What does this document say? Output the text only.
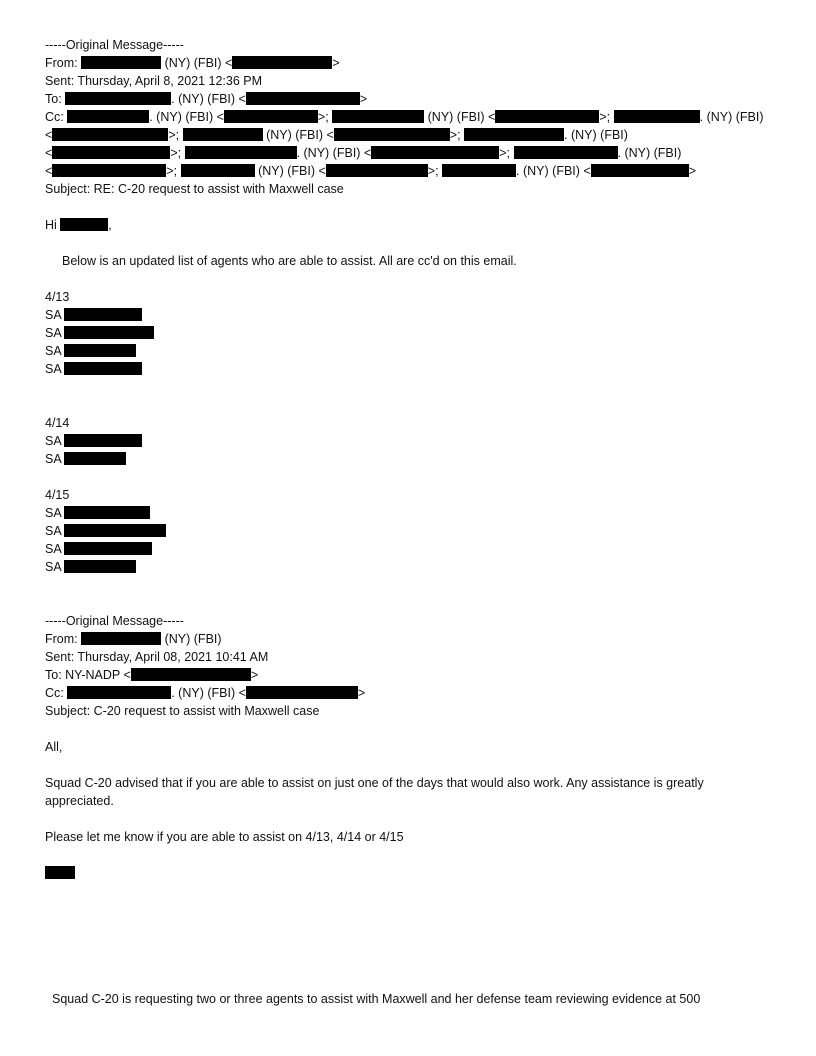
-----Original Message-----
From:	(NY) (FBI) <	>
Sent: Thursday, April 8, 2021 12:36 PM
To:	. (NY) (FBI) <	>
Cc:	. (NY) (FBI) <	>;	(NY) (FBI) <	>;	. (NY) (FBI)
<	>;	(NY) (FBI) <	>;	. (NY) (FBI)
<	>;	. (NY) (FBI) <	>;	. (NY) (FBI)
<	>;	(NY) (FBI) <	>;	. (NY) (FBI) <	>
Subject: RE: C-20 request to assist with Maxwell case
Hi	,
Below is an updated list of agents who are able to assist. All are cc'd on this email.
4/13
SA
SA
SA
SA
4/14
SA
SA
4/15
SA
SA
SA
SA
-----Original Message-----
From:	(NY) (FBI)
Sent: Thursday, April 08, 2021 10:41 AM
To: NY-NADP <	>
Cc:	. (NY) (FBI) <	>
Subject: C-20 request to assist with Maxwell case
All,
Squad C-20 advised that if you are able to assist on just one of the days that would also work. Any assistance is greatly
appreciated.
Please let me know if you are able to assist on 4/13, 4/14 or 4/15
Squad C-20 is requesting two or three agents to assist with Maxwell and her defense team reviewing evidence at 500
